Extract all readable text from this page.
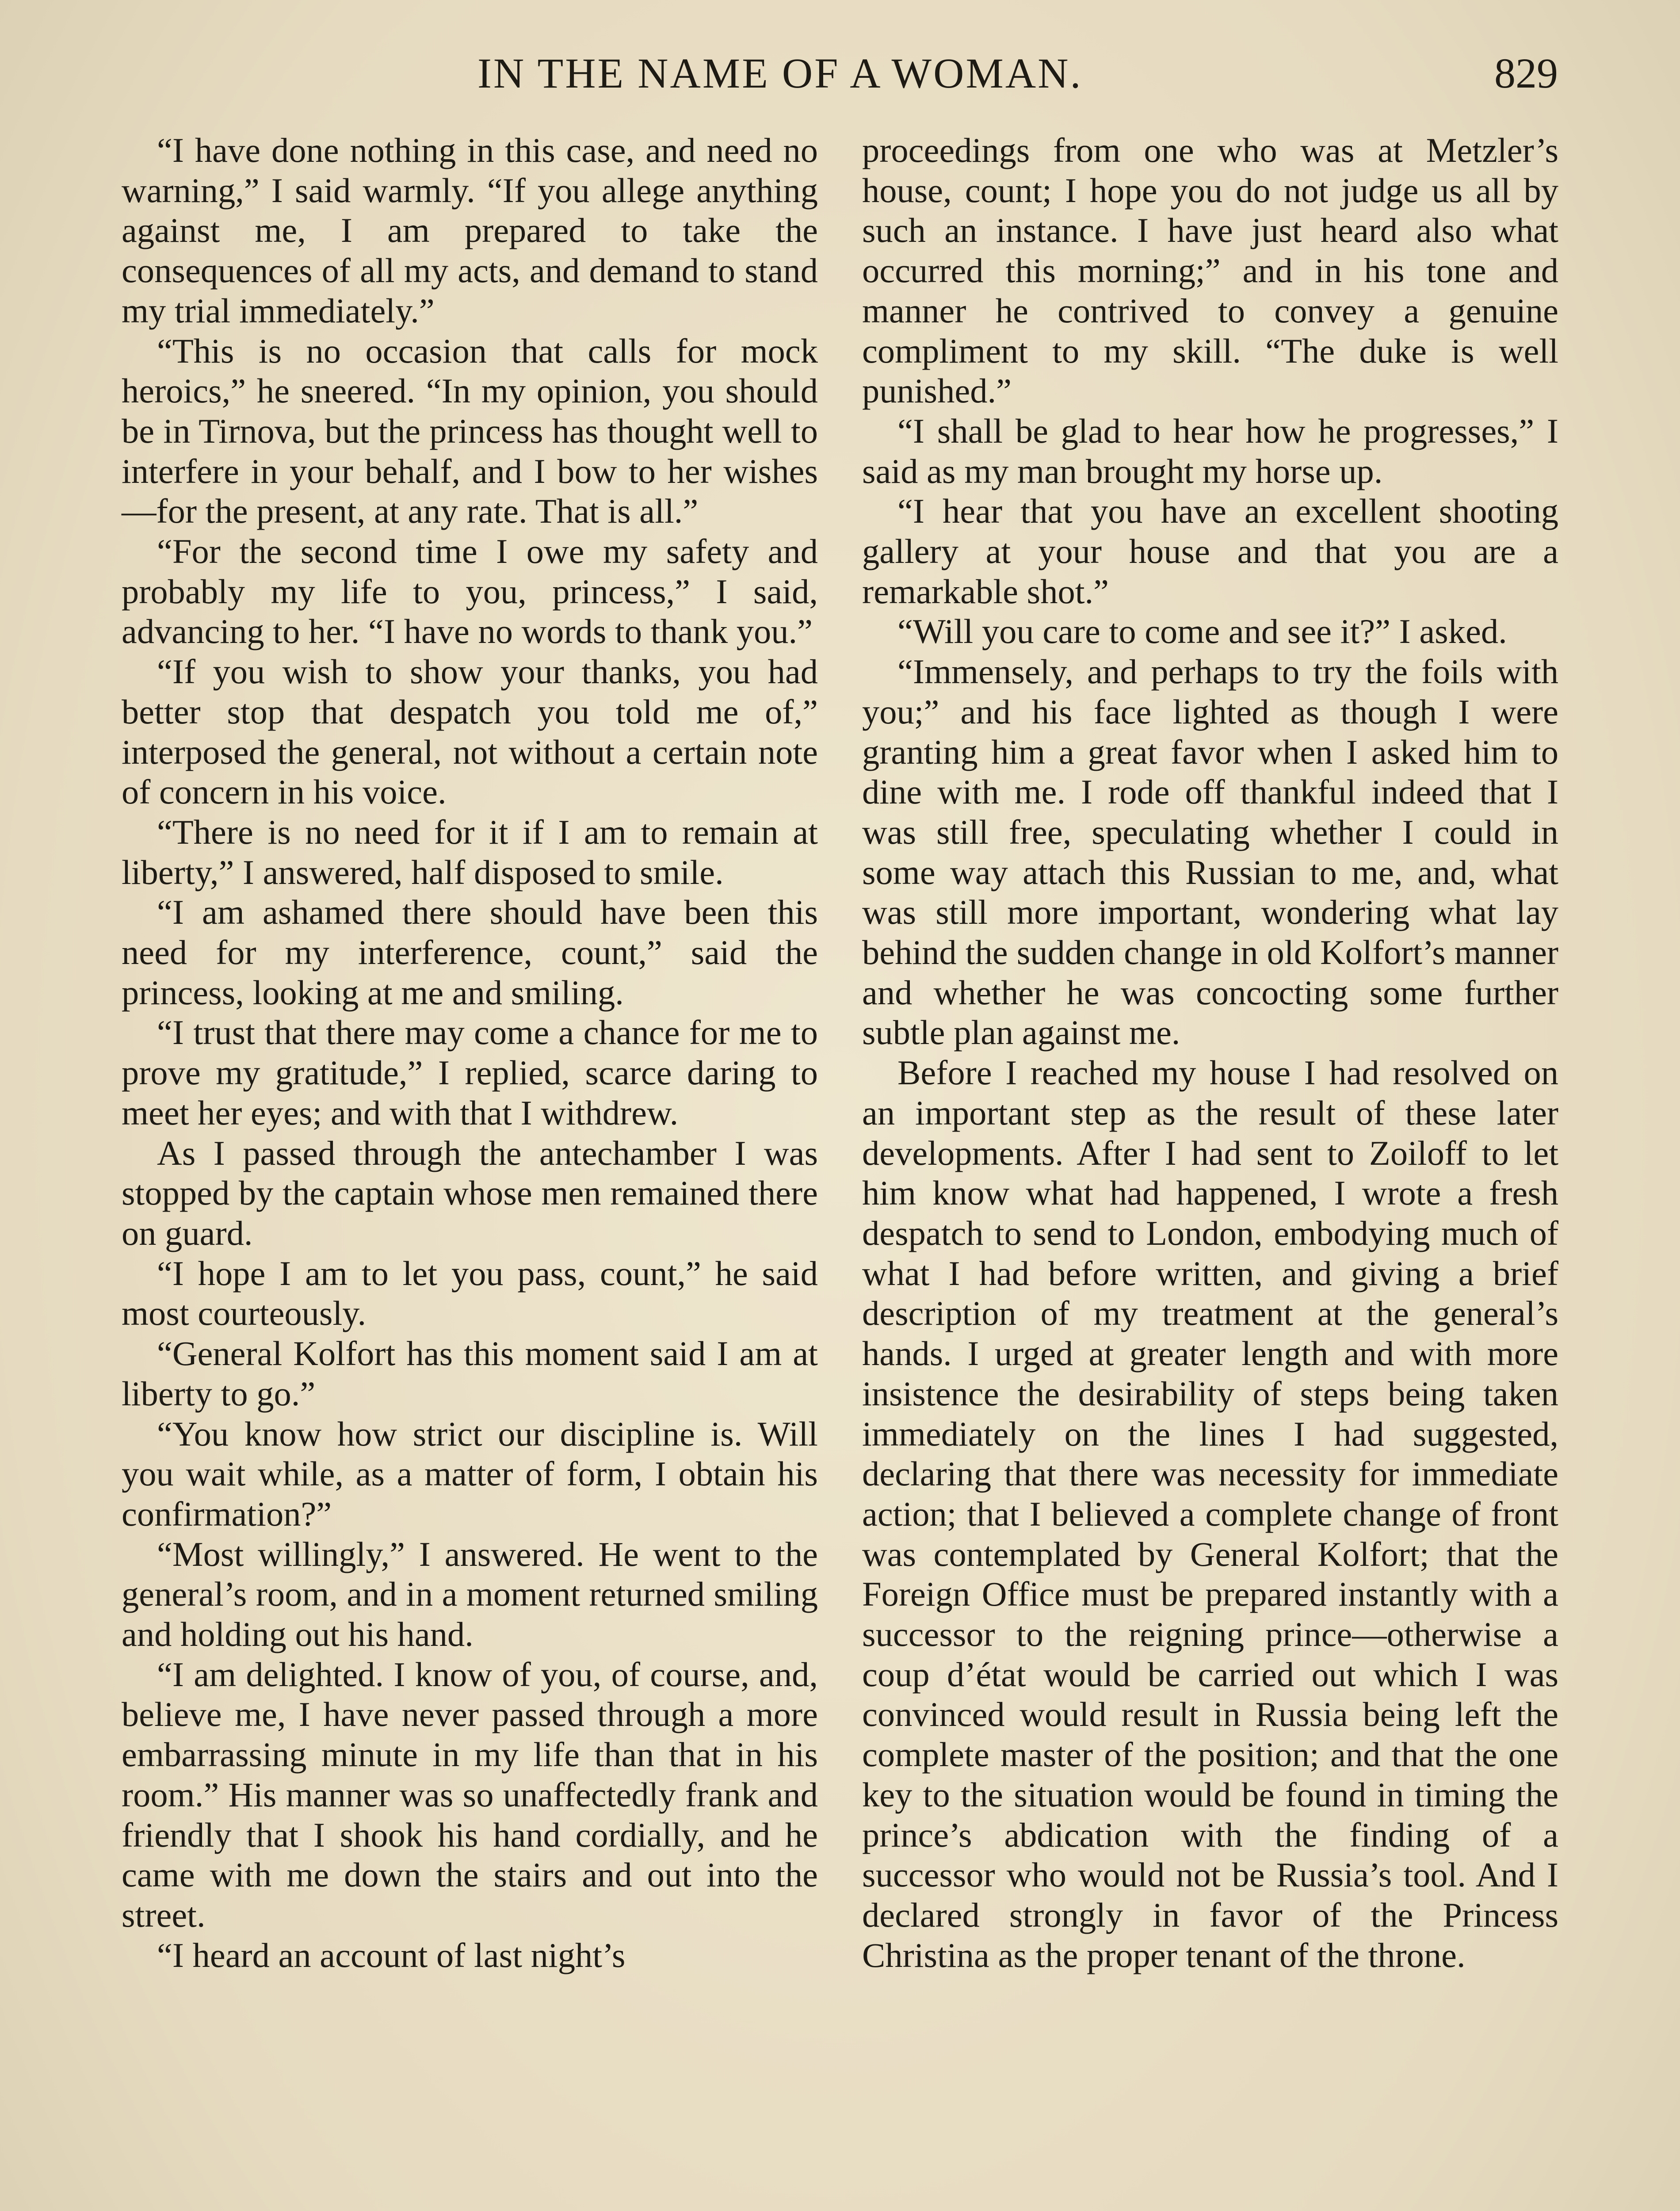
IN THE NAME OF A WOMAN.	829

“I have done nothing in this case, and need no warning,” I said warmly. “If you allege anything against me, I am prepared to take the consequences of all my acts, and demand to stand my trial immediately.”

“This is no occasion that calls for mock heroics,” he sneered. “In my opinion, you should be in Tirnova, but the princess has thought well to interfere in your behalf, and I bow to her wishes—for the present, at any rate. That is all.”

“For the second time I owe my safety and probably my life to you, princess,” I said, advancing to her. “I have no words to thank you.”

“If you wish to show your thanks, you had better stop that despatch you told me of,” interposed the general, not without a certain note of concern in his voice.

“There is no need for it if I am to remain at liberty,” I answered, half disposed to smile.

“I am ashamed there should have been this need for my interference, count,” said the princess, looking at me and smiling.

“I trust that there may come a chance for me to prove my gratitude,” I replied, scarce daring to meet her eyes; and with that I withdrew.

As I passed through the antechamber I was stopped by the captain whose men remained there on guard.

“I hope I am to let you pass, count,” he said most courteously.

“General Kolfort has this moment said I am at liberty to go.”

“You know how strict our discipline is. Will you wait while, as a matter of form, I obtain his confirmation?”

“Most willingly,” I answered. He went to the general’s room, and in a moment returned smiling and holding out his hand.

“I am delighted. I know of you, of course, and, believe me, I have never passed through a more embarrassing minute in my life than that in his room.” His manner was so unaffectedly frank and friendly that I shook his hand cordially, and he came with me down the stairs and out into the street.

“I heard an account of last night’s

proceedings from one who was at Metzler’s house, count; I hope you do not judge us all by such an instance. I have just heard also what occurred this morning;” and in his tone and manner he contrived to convey a genuine compliment to my skill. “The duke is well punished.”

“I shall be glad to hear how he progresses,” I said as my man brought my horse up.

“I hear that you have an excellent shooting gallery at your house and that you are a remarkable shot.”

“Will you care to come and see it?” I asked.

“Immensely, and perhaps to try the foils with you;” and his face lighted as though I were granting him a great favor when I asked him to dine with me. I rode off thankful indeed that I was still free, speculating whether I could in some way attach this Russian to me, and, what was still more important, wondering what lay behind the sudden change in old Kolfort’s manner and whether he was concocting some further subtle plan against me.

Before I reached my house I had resolved on an important step as the result of these later developments. After I had sent to Zoiloff to let him know what had happened, I wrote a fresh despatch to send to London, embodying much of what I had before written, and giving a brief description of my treatment at the general’s hands. I urged at greater length and with more insistence the desirability of steps being taken immediately on the lines I had suggested, declaring that there was necessity for immediate action; that I believed a complete change of front was contemplated by General Kolfort; that the Foreign Office must be prepared instantly with a successor to the reigning prince—otherwise a coup d’état would be carried out which I was convinced would result in Russia being left the complete master of the position; and that the one key to the situation would be found in timing the prince’s abdication with the finding of a successor who would not be Russia’s tool. And I declared strongly in favor of the Princess Christina as the proper tenant of the throne.
